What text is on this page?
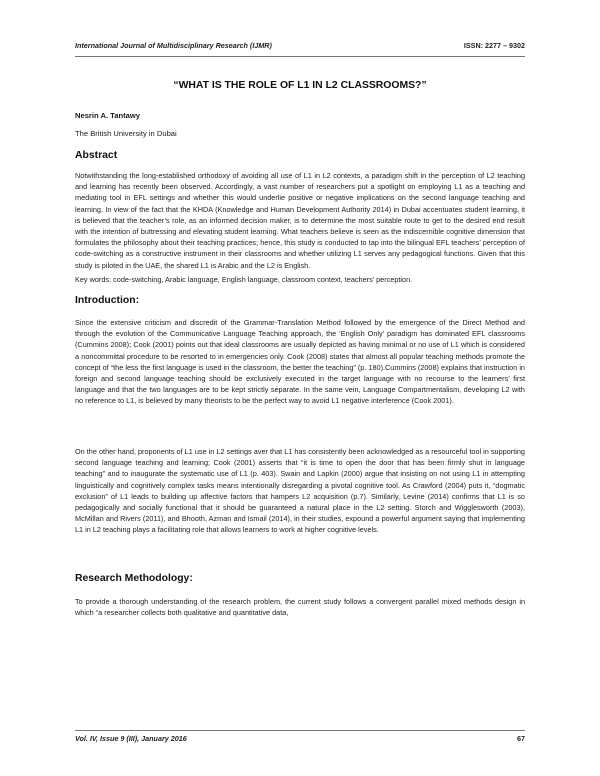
International Journal of Multidisciplinary Research (IJMR)	ISSN: 2277 – 9302
“WHAT IS THE ROLE OF L1 IN L2 CLASSROOMS?”
Nesrin A. Tantawy
The British University in Dubai
Abstract
Notwithstanding the long-established orthodoxy of avoiding all use of L1 in L2 contexts, a paradigm shift in the perception of L2 teaching and learning has recently been observed. Accordingly, a vast number of researchers put a spotlight on employing L1 as a teaching and mediating tool in EFL settings and whether this would underlie positive or negative implications on the second language teaching and learning. In view of the fact that the KHDA (Knowledge and Human Development Authority 2014) in Dubai accentuates student learning, it is believed that the teacher’s role, as an informed decision maker, is to determine the most suitable route to get to the desired end result with the intention of buttressing and elevating student learning. What teachers believe is seen as the indiscernible cognitive dimension that formulates the philosophy about their teaching practices; hence, this study is conducted to tap into the bilingual EFL teachers’ perception of code-switching as a constructive instrument in their classrooms and whether utilizing L1 serves any pedagogical functions. Given that this study is piloted in the UAE, the shared L1 is Arabic and the L2 is English.
Key words: code-switching, Arabic language, English language, classroom context, teachers’ perception.
Introduction:
Since the extensive criticism and discredit of the Grammar-Translation Method followed by the emergence of the Direct Method and through the evolution of the Communicative Language Teaching approach, the ‘English Only’ paradigm has dominated EFL classrooms (Cummins 2008); Cook (2001) points out that ideal classrooms are usually depicted as having minimal or no use of L1 which is considered a noncommittal procedure to be resorted to in emergencies only. Cook (2008) states that almost all popular teaching methods promote the concept of “the less the first language is used in the classroom, the better the teaching” (p. 180).Cummins (2008) explains that instruction in foreign and second language teaching should be exclusively executed in the target language with no recourse to the learners’ first language and that the two languages are to be kept strictly separate. In the same vein, Language Compartmentalism, developing L2 with no reference to L1, is believed by many theorists to be the perfect way to avoid L1 negative interference (Cook 2001).
On the other hand, proponents of L1 use in L2 settings aver that L1 has consistently been acknowledged as a resourceful tool in supporting second language teaching and learning; Cook (2001) asserts that “it is time to open the door that has been firmly shut in language teaching” and to inaugurate the systematic use of L1 (p. 403). Swain and Lapkin (2000) argue that insisting on not using L1 in attempting linguistically and cognitively complex tasks means intentionally disregarding a pivotal cognitive tool. As Crawford (2004) puts it, “dogmatic exclusion” of L1 leads to building up affective factors that hampers L2 acquisition (p.7). Similarly, Levine (2014) confirms that L1 is so pedagogically and socially functional that it should be guaranteed a natural place in the L2 setting. Storch and Wigglesworth (2003), McMillan and Rivers (2011), and Bhooth, Azman and Ismail (2014), in their studies, expound a powerful argument saying that implementing L1 in L2 teaching plays a facilitating role that allows learners to work at higher cognitive levels.
Research Methodology:
To provide a thorough understanding of the research problem, the current study follows a convergent parallel mixed methods design in which “a researcher collects both qualitative and quantitative data,
Vol. IV, Issue 9 (III), January 2016	67
